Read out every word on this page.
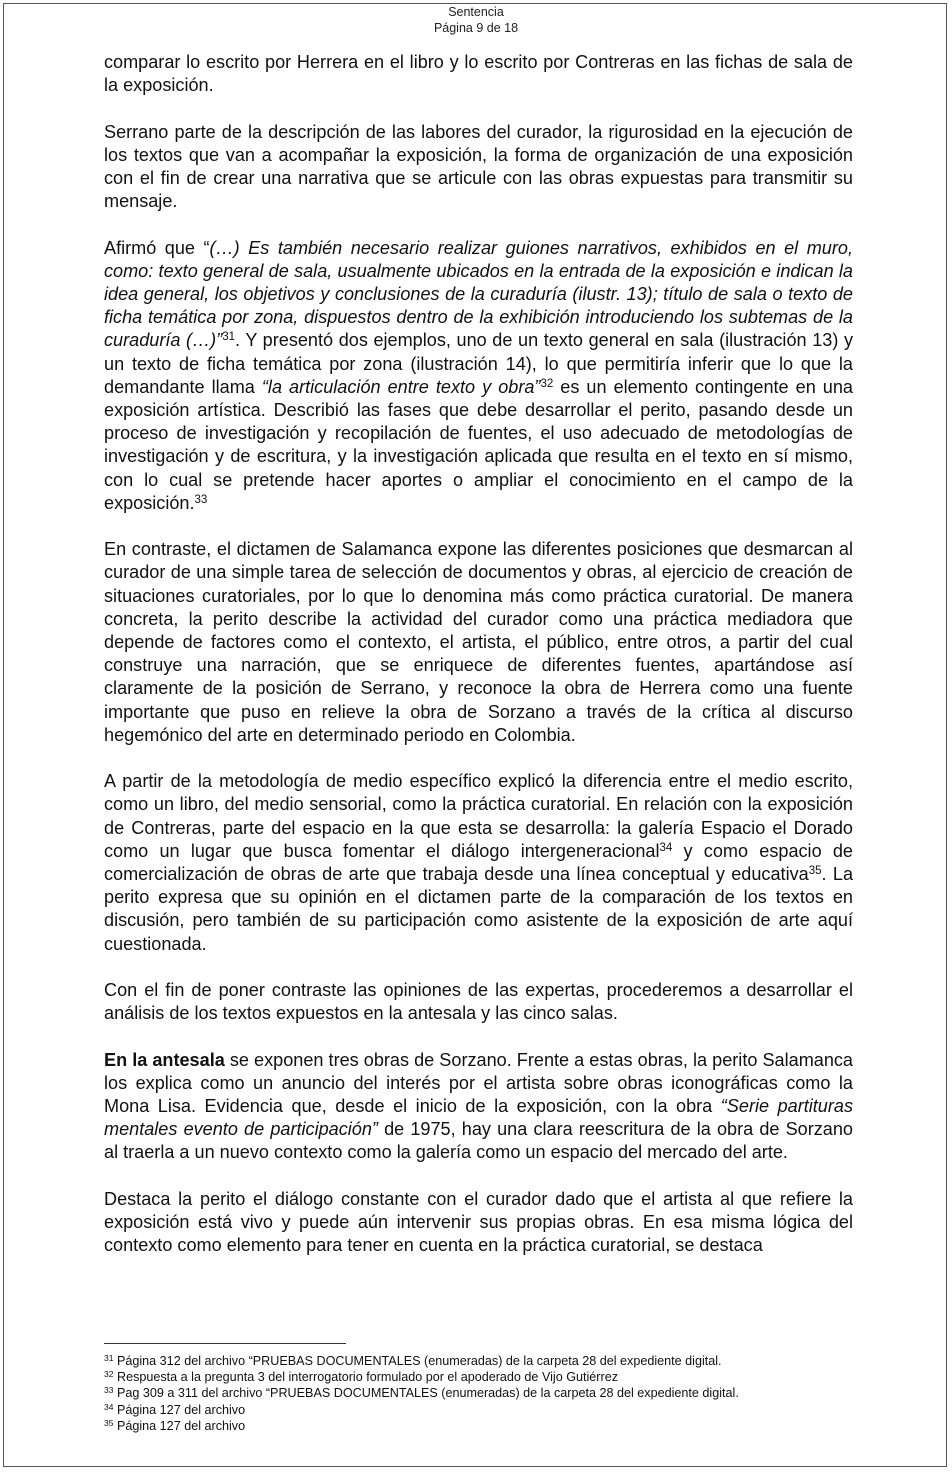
Sentencia
Página 9 de 18

comparar lo escrito por Herrera en el libro y lo escrito por Contreras en las fichas de sala de la exposición.

Serrano parte de la descripción de las labores del curador, la rigurosidad en la ejecución de los textos que van a acompañar la exposición, la forma de organización de una exposición con el fin de crear una narrativa que se articule con las obras expuestas para transmitir su mensaje.

Afirmó que “(…) Es también necesario realizar guiones narrativos, exhibidos en el muro, como: texto general de sala, usualmente ubicados en la entrada de la exposición e indican la idea general, los objetivos y conclusiones de la curaduría (ilustr. 13); título de sala o texto de ficha temática por zona, dispuestos dentro de la exhibición introduciendo los subtemas de la curaduría (…)”$^{31}$. Y presentó dos ejemplos, uno de un texto general en sala (ilustración 13) y un texto de ficha temática por zona (ilustración 14), lo que permitiría inferir que lo que la demandante llama “la articulación entre texto y obra”$^{32}$ es un elemento contingente en una exposición artística. Describió las fases que debe desarrollar el perito, pasando desde un proceso de investigación y recopilación de fuentes, el uso adecuado de metodologías de investigación y de escritura, y la investigación aplicada que resulta en el texto en sí mismo, con lo cual se pretende hacer aportes o ampliar el conocimiento en el campo de la exposición.$^{33}$

En contraste, el dictamen de Salamanca expone las diferentes posiciones que desmarcan al curador de una simple tarea de selección de documentos y obras, al ejercicio de creación de situaciones curatoriales, por lo que lo denomina más como práctica curatorial. De manera concreta, la perito describe la actividad del curador como una práctica mediadora que depende de factores como el contexto, el artista, el público, entre otros, a partir del cual construye una narración, que se enriquece de diferentes fuentes, apartándose así claramente de la posición de Serrano, y reconoce la obra de Herrera como una fuente importante que puso en relieve la obra de Sorzano a través de la crítica al discurso hegemónico del arte en determinado periodo en Colombia.

A partir de la metodología de medio específico explicó la diferencia entre el medio escrito, como un libro, del medio sensorial, como la práctica curatorial. En relación con la exposición de Contreras, parte del espacio en la que esta se desarrolla: la galería Espacio el Dorado como un lugar que busca fomentar el diálogo intergeneracional$^{34}$ y como espacio de comercialización de obras de arte que trabaja desde una línea conceptual y educativa$^{35}$. La perito expresa que su opinión en el dictamen parte de la comparación de los textos en discusión, pero también de su participación como asistente de la exposición de arte aquí cuestionada.

Con el fin de poner contraste las opiniones de las expertas, procederemos a desarrollar el análisis de los textos expuestos en la antesala y las cinco salas.

En la antesala se exponen tres obras de Sorzano. Frente a estas obras, la perito Salamanca los explica como un anuncio del interés por el artista sobre obras iconográficas como la Mona Lisa. Evidencia que, desde el inicio de la exposición, con la obra “Serie partituras mentales evento de participación” de 1975, hay una clara reescritura de la obra de Sorzano al traerla a un nuevo contexto como la galería como un espacio del mercado del arte.

Destaca la perito el diálogo constante con el curador dado que el artista al que refiere la exposición está vivo y puede aún intervenir sus propias obras. En esa misma lógica del contexto como elemento para tener en cuenta en la práctica curatorial, se destaca

$^{31}$ Página 312 del archivo “PRUEBAS DOCUMENTALES (enumeradas) de la carpeta 28 del expediente digital.
$^{32}$ Respuesta a la pregunta 3 del interrogatorio formulado por el apoderado de Vijo Gutiérrez
$^{33}$ Pag 309 a 311 del archivo “PRUEBAS DOCUMENTALES (enumeradas) de la carpeta 28 del expediente digital.
$^{34}$ Página 127 del archivo
$^{35}$ Página 127 del archivo
